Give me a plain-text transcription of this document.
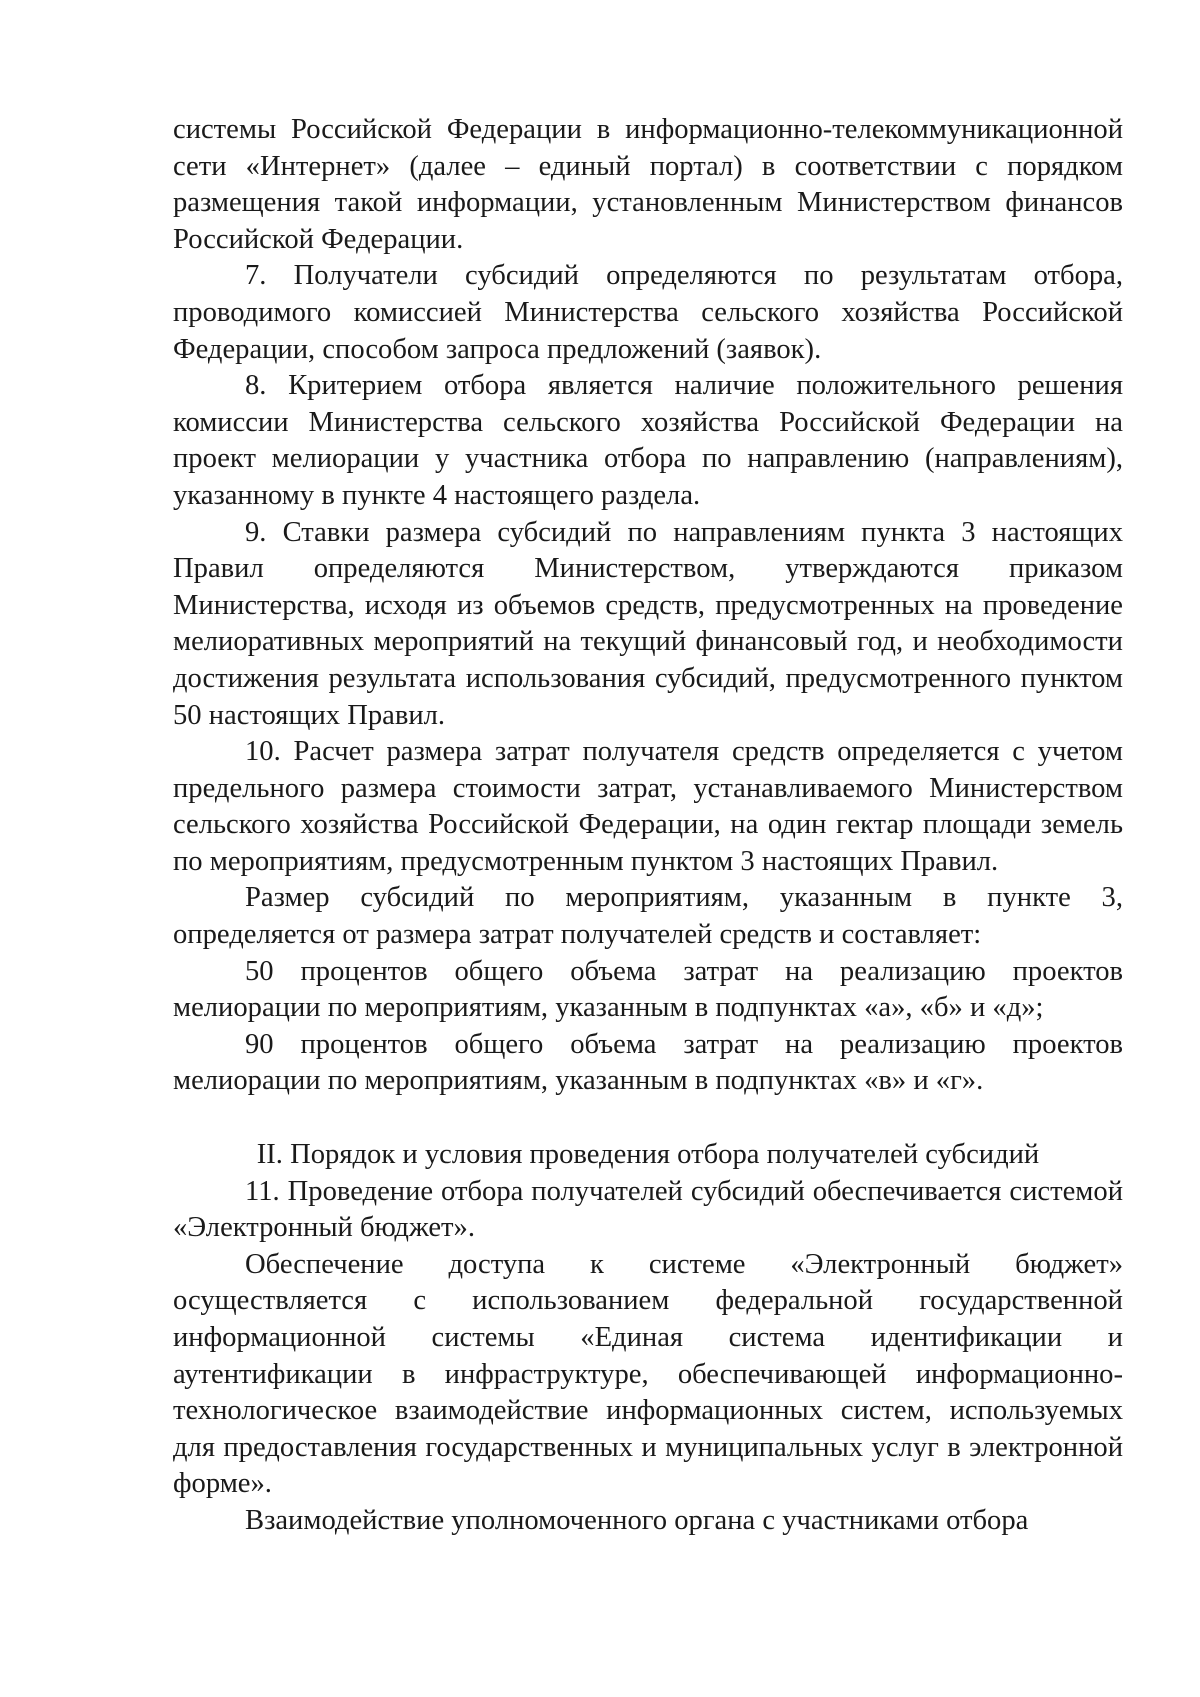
системы Российской Федерации в информационно-телекоммуникационной сети «Интернет» (далее – единый портал) в соответствии с порядком размещения такой информации, установленным Министерством финансов Российской Федерации.

7. Получатели субсидий определяются по результатам отбора, проводимого комиссией Министерства сельского хозяйства Российской Федерации, способом запроса предложений (заявок).

8. Критерием отбора является наличие положительного решения комиссии Министерства сельского хозяйства Российской Федерации на проект мелиорации у участника отбора по направлению (направлениям), указанному в пункте 4 настоящего раздела.

9. Ставки размера субсидий по направлениям пункта 3 настоящих Правил определяются Министерством, утверждаются приказом Министерства, исходя из объемов средств, предусмотренных на проведение мелиоративных мероприятий на текущий финансовый год, и необходимости достижения результата использования субсидий, предусмотренного пунктом 50 настоящих Правил.

10. Расчет размера затрат получателя средств определяется с учетом предельного размера стоимости затрат, устанавливаемого Министерством сельского хозяйства Российской Федерации, на один гектар площади земель по мероприятиям, предусмотренным пунктом 3 настоящих Правил.

Размер субсидий по мероприятиям, указанным в пункте 3, определяется от размера затрат получателей средств и составляет:

50 процентов общего объема затрат на реализацию проектов мелиорации по мероприятиям, указанным в подпунктах «а», «б» и «д»;

90 процентов общего объема затрат на реализацию проектов мелиорации по мероприятиям, указанным в подпунктах «в» и «г».

II. Порядок и условия проведения отбора получателей субсидий

11. Проведение отбора получателей субсидий обеспечивается системой «Электронный бюджет».

Обеспечение доступа к системе «Электронный бюджет» осуществляется с использованием федеральной государственной информационной системы «Единая система идентификации и аутентификации в инфраструктуре, обеспечивающей информационно-технологическое взаимодействие информационных систем, используемых для предоставления государственных и муниципальных услуг в электронной форме».

Взаимодействие уполномоченного органа с участниками отбора
